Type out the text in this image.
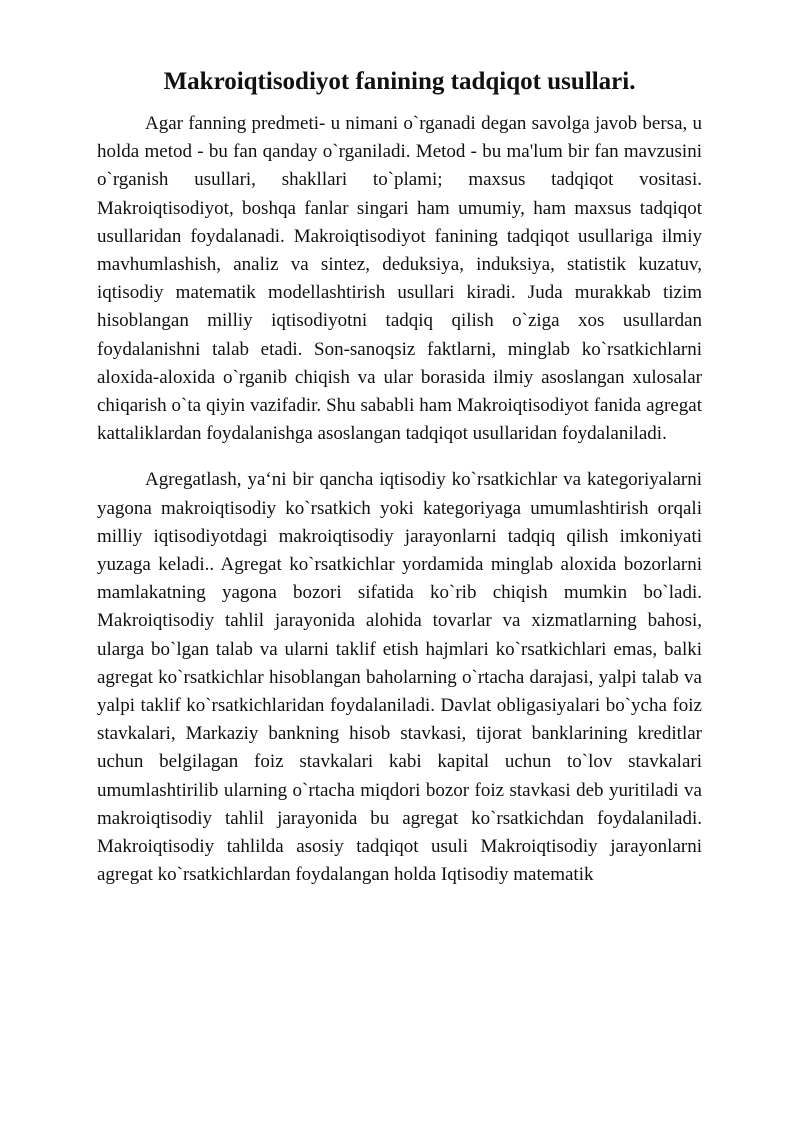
Makroiqtisodiyot fanining tadqiqot usullari.

Agar fanning predmeti- u nimani o`rganadi degan savolga javob bersa, u holda metod - bu fan qanday o`rganiladi. Metod - bu ma'lum bir fan mavzusini o`rganish usullari, shakllari to`plami; maxsus tadqiqot vositasi. Makroiqtisodiyot, boshqa fanlar singari ham umumiy, ham maxsus tadqiqot usullaridan foydalanadi. Makroiqtisodiyot fanining tadqiqot usullariga ilmiy mavhumlashish, analiz va sintez, deduksiya, induksiya, statistik kuzatuv, iqtisodiy matematik modellashtirish usullari kiradi. Juda murakkab tizim hisoblangan milliy iqtisodiyotni tadqiq qilish o`ziga xos usullardan foydalanishni talab etadi. Son-sanoqsiz faktlarni, minglab ko`rsatkichlarni aloxida-aloxida o`rganib chiqish va ular borasida ilmiy asoslangan xulosalar chiqarish o`ta qiyin vazifadir. Shu sababli ham Makroiqtisodiyot fanida agregat kattaliklardan foydalanishga asoslangan tadqiqot usullaridan foydalaniladi.

Agregatlash, ya‘ni bir qancha iqtisodiy ko`rsatkichlar va kategoriyalarni yagona makroiqtisodiy ko`rsatkich yoki kategoriyaga umumlashtirish orqali milliy iqtisodiyotdagi makroiqtisodiy jarayonlarni tadqiq qilish imkoniyati yuzaga keladi.. Agregat ko`rsatkichlar yordamida minglab aloxida bozorlarni mamlakatning yagona bozori sifatida ko`rib chiqish mumkin bo`ladi. Makroiqtisodiy tahlil jarayonida alohida tovarlar va xizmatlarning bahosi, ularga bo`lgan talab va ularni taklif etish hajmlari ko`rsatkichlari emas, balki agregat ko`rsatkichlar hisoblangan baholarning o`rtacha darajasi, yalpi talab va yalpi taklif ko`rsatkichlaridan foydalaniladi. Davlat obligasiyalari bo`ycha foiz stavkalari, Markaziy bankning hisob stavkasi, tijorat banklarining kreditlar uchun belgilagan foiz stavkalari kabi kapital uchun to`lov stavkalari umumlashtirilib ularning o`rtacha miqdori bozor foiz stavkasi deb yuritiladi va makroiqtisodiy tahlil jarayonida bu agregat ko`rsatkichdan foydalaniladi. Makroiqtisodiy tahlilda asosiy tadqiqot usuli Makroiqtisodiy jarayonlarni agregat ko`rsatkichlardan foydalangan holda Iqtisodiy matematik
